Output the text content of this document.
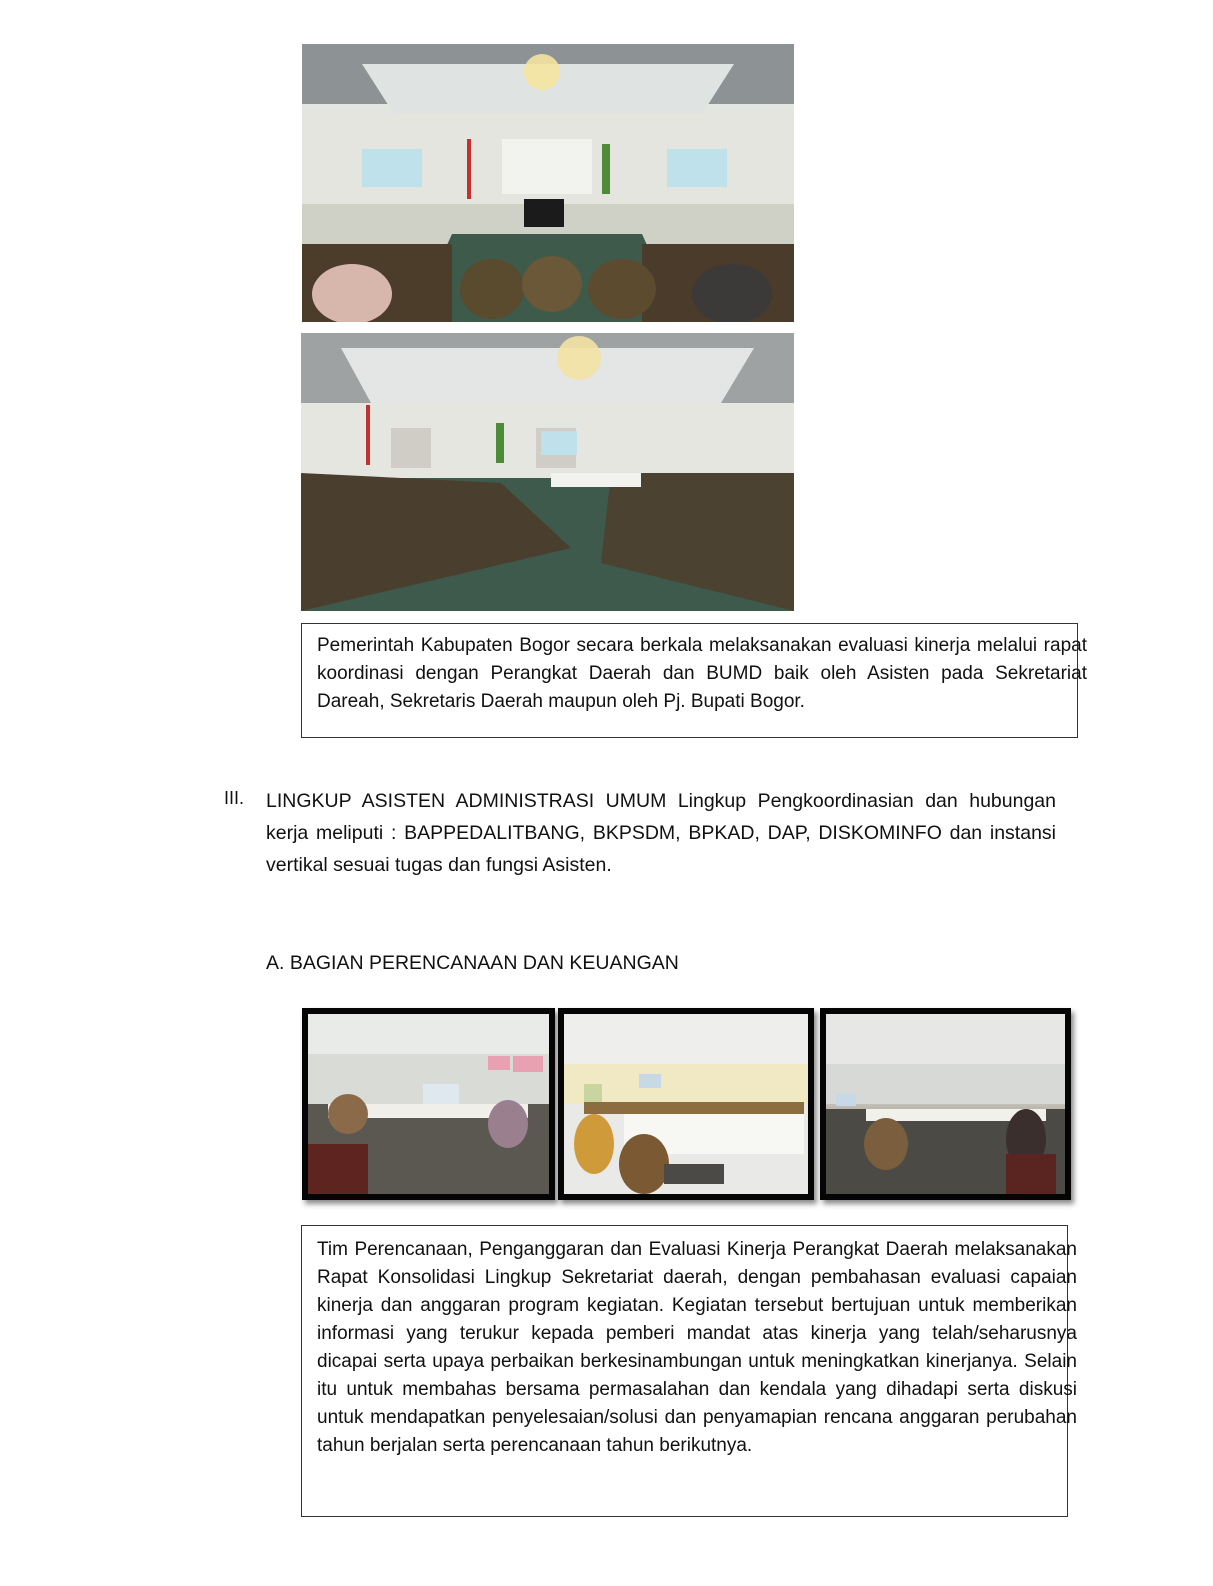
Pemerintah Kabupaten Bogor secara berkala melaksanakan evaluasi kinerja melalui rapat koordinasi dengan Perangkat Daerah dan BUMD baik oleh Asisten pada Sekretariat Dareah, Sekretaris Daerah maupun oleh Pj. Bupati Bogor.

III. LINGKUP ASISTEN ADMINISTRASI UMUM Lingkup Pengkoordinasian dan hubungan kerja meliputi : BAPPEDALITBANG, BKPSDM, BPKAD, DAP, DISKOMINFO dan instansi vertikal sesuai tugas dan fungsi Asisten.
A. BAGIAN PERENCANAAN DAN KEUANGAN

Tim Perencanaan, Penganggaran dan Evaluasi Kinerja Perangkat Daerah melaksanakan Rapat Konsolidasi Lingkup Sekretariat daerah, dengan pembahasan evaluasi capaian kinerja dan anggaran program kegiatan. Kegiatan tersebut bertujuan untuk memberikan informasi yang terukur kepada pemberi mandat atas kinerja yang telah/seharusnya dicapai serta upaya perbaikan berkesinambungan untuk meningkatkan kinerjanya. Selain itu untuk membahas bersama permasalahan dan kendala yang dihadapi serta diskusi untuk mendapatkan penyelesaian/solusi dan penyamapian rencana anggaran perubahan tahun berjalan serta perencanaan tahun berikutnya.
